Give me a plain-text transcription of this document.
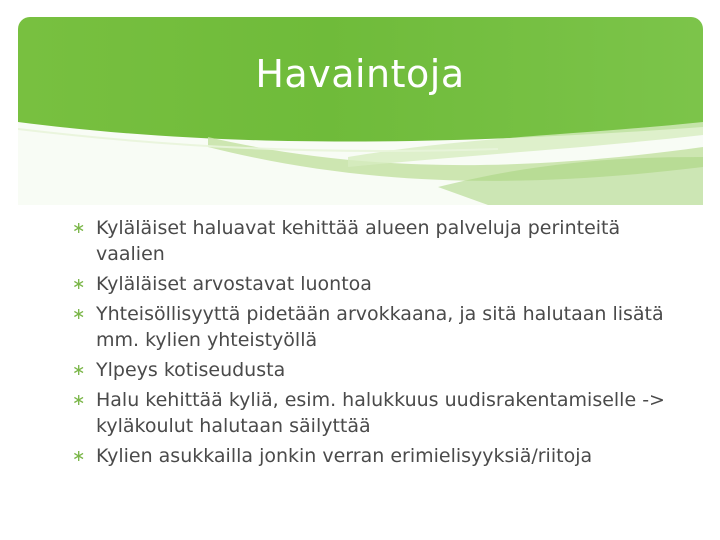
Havaintoja
∗ Kyläläiset haluavat kehittää alueen palveluja perinteitä vaalien
∗ Kyläläiset arvostavat luontoa
∗ Yhteisöllisyyttä pidetään arvokkaana, ja sitä halutaan lisätä mm. kylien yhteistyöllä
∗ Ylpeys kotiseudusta
∗ Halu kehittää kyliä, esim. halukkuus uudisrakentamiselle -> kyläkoulut halutaan säilyttää
∗ Kylien asukkailla jonkin verran erimielisyyksiä/riitoja
